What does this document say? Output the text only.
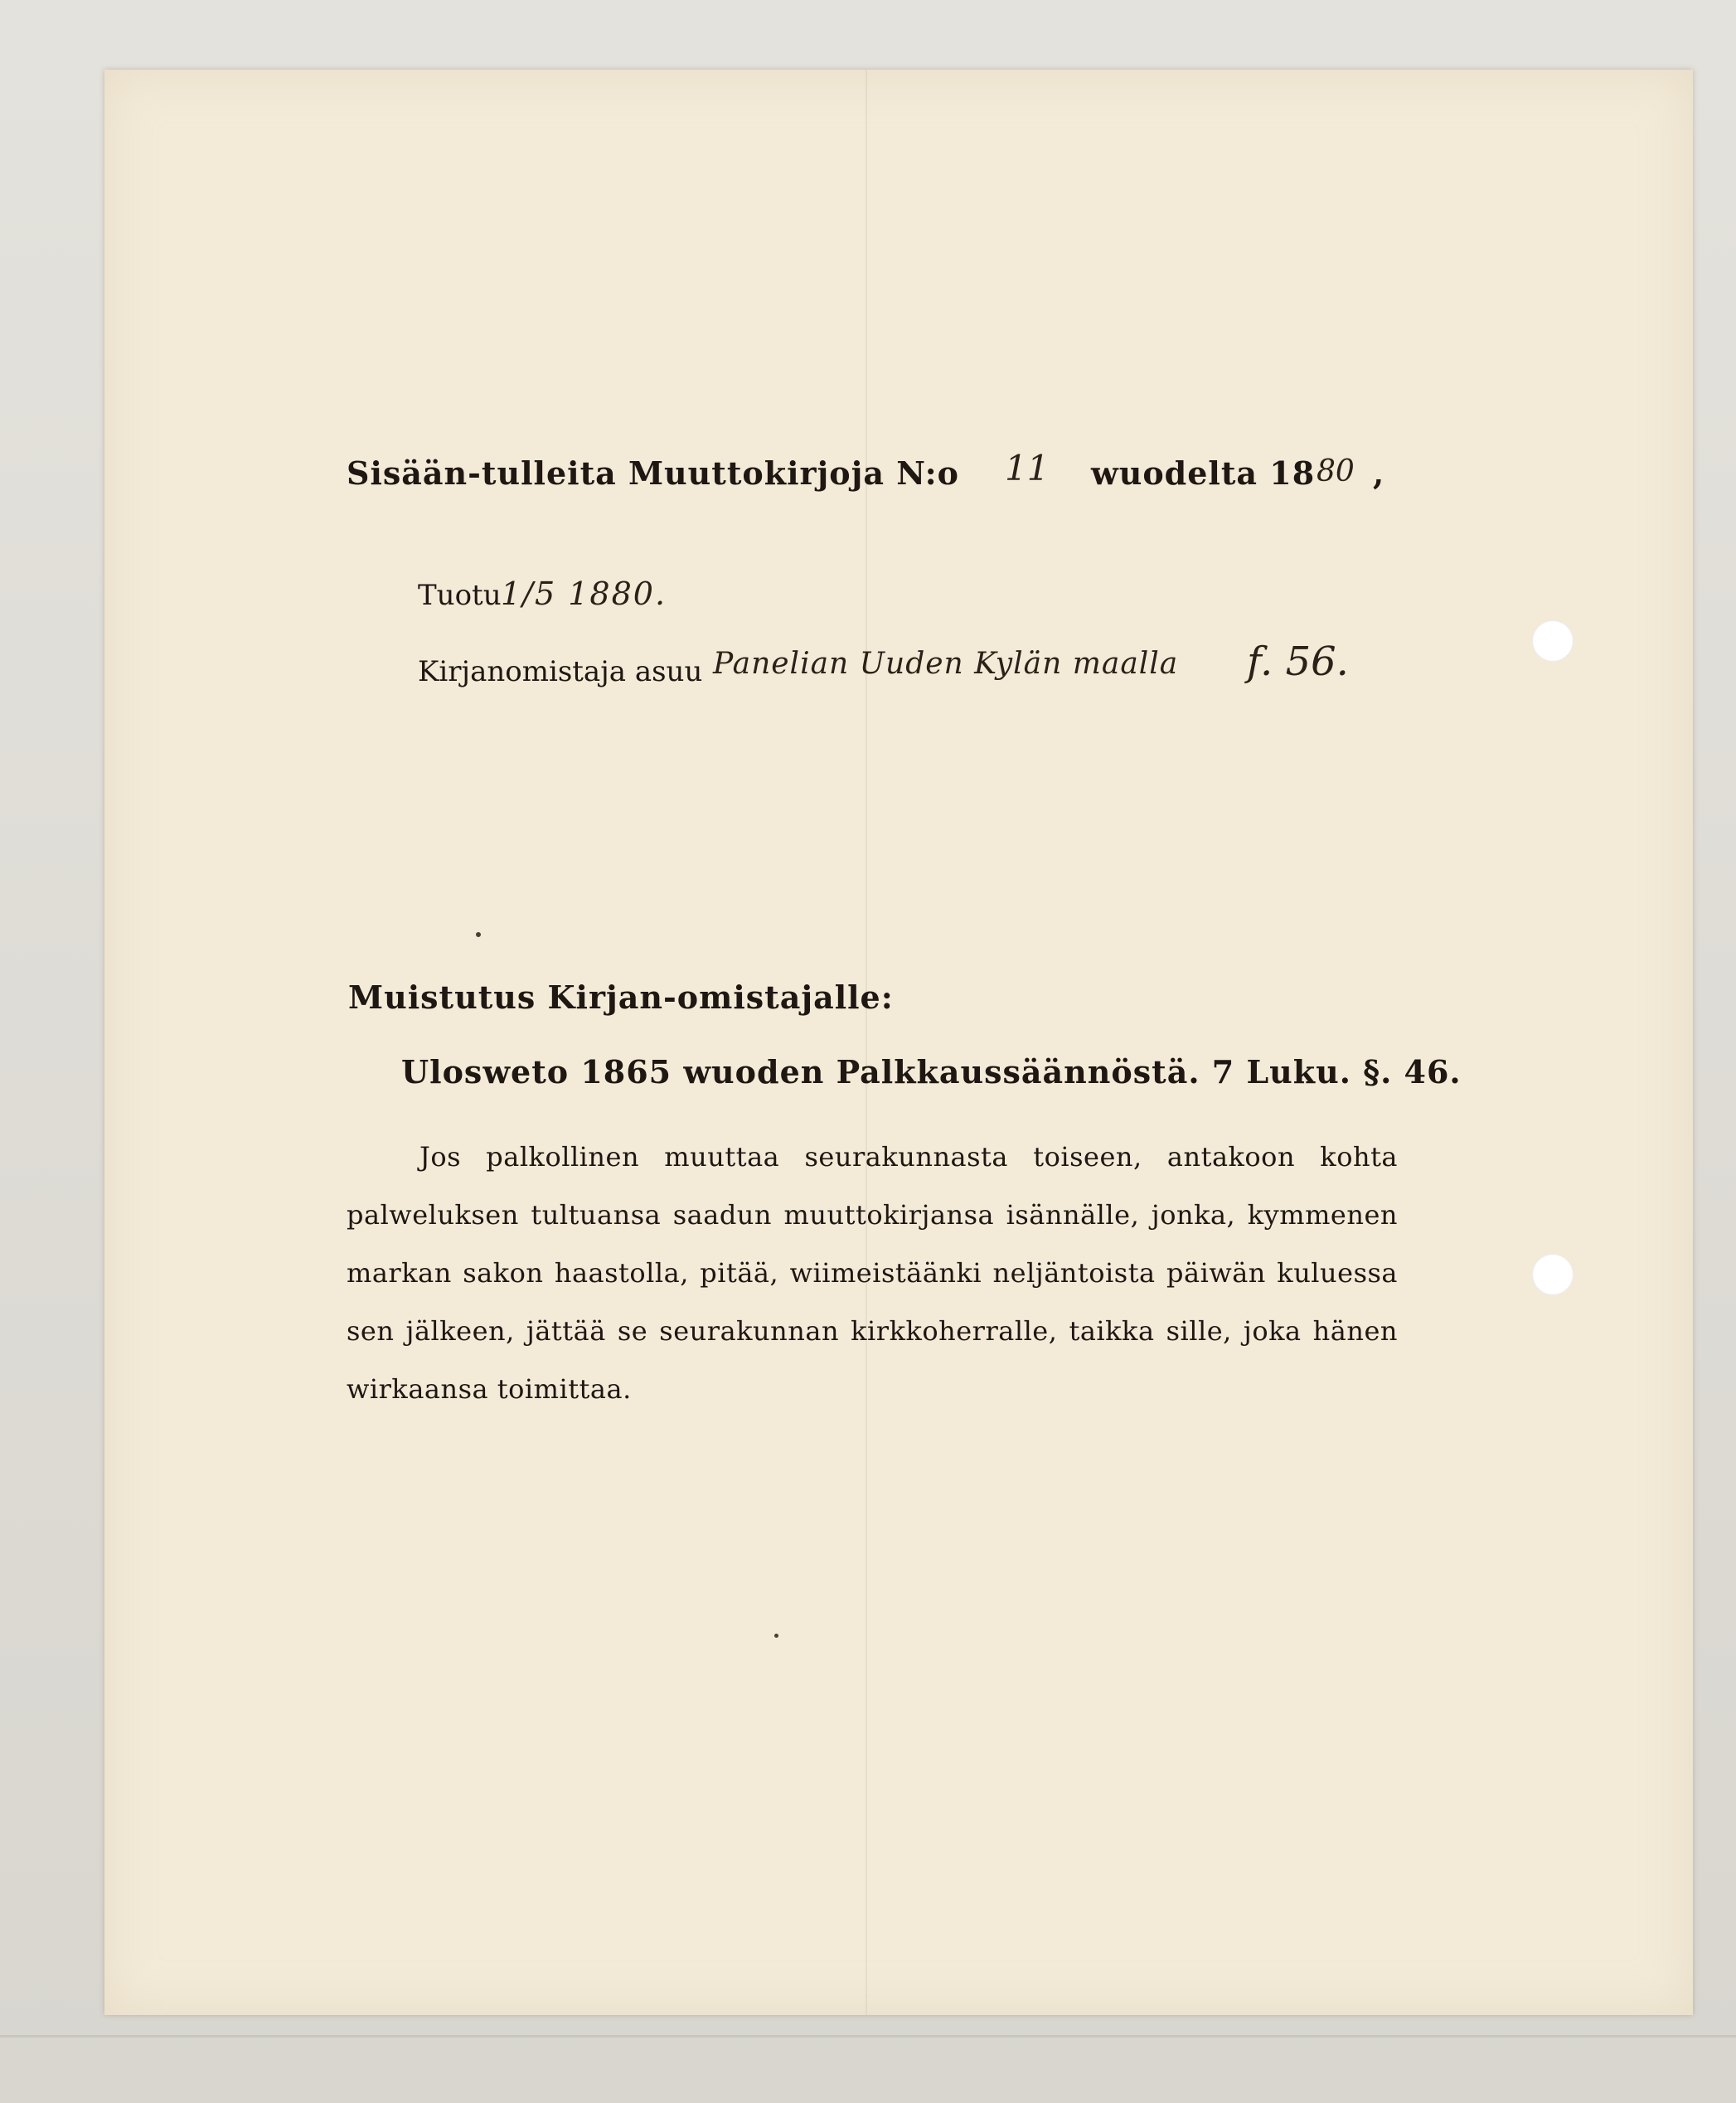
Sisään-tulleita Muuttokirjoja N:o 11 wuodelta 18 80 ,
Tuotu 1/5 1880.
Kirjanomistaja asuu Panelian Uuden Kylän maalla f. 56.
Muistutus Kirjan-omistajalle:
Ulosweto 1865 wuoden Palkkaussäännöstä. 7 Luku. §. 46.
Jos palkollinen muuttaa seurakunnasta toiseen, antakoon kohta palweluksen tultuansa saadun muuttokirjansa isännälle, jonka, kymmenen markan sakon haastolla, pitää, wiimeistäänki neljäntoista päiwän kuluessa sen jälkeen, jättää se seurakunnan kirkkoherralle, taikka sille, joka hänen wirkaansa toimittaa.
